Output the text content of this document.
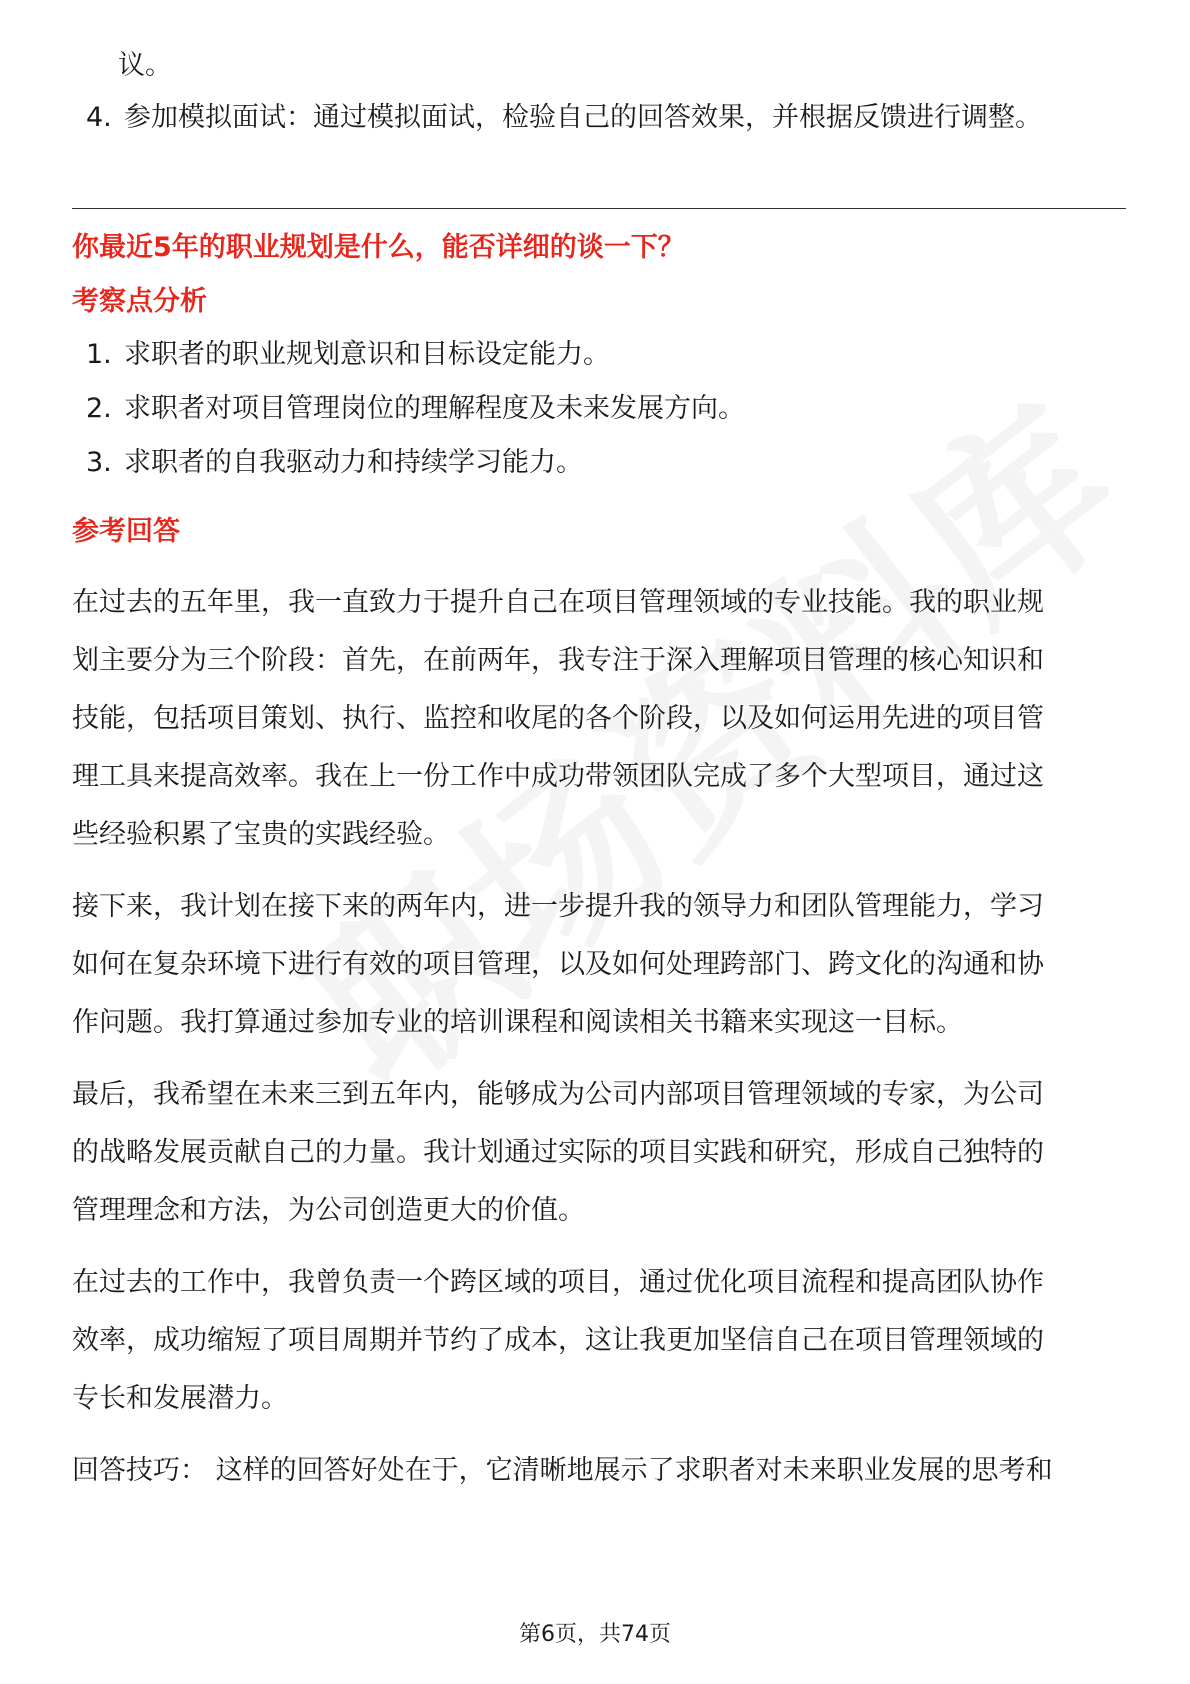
议。
4. 参加模拟面试：通过模拟面试，检验自己的回答效果，并根据反馈进行调整。
你最近5年的职业规划是什么，能否详细的谈一下？
考察点分析
1. 求职者的职业规划意识和目标设定能力。
2. 求职者对项目管理岗位的理解程度及未来发展方向。
3. 求职者的自我驱动力和持续学习能力。
参考回答

在过去的五年里，我一直致力于提升自己在项目管理领域的专业技能。我的职业规

划主要分为三个阶段：首先，在前两年，我专注于深入理解项目管理的核心知识和

技能，包括项目策划、执行、监控和收尾的各个阶段，以及如何运用先进的项目管

理工具来提高效率。我在上一份工作中成功带领团队完成了多个大型项目，通过这

些经验积累了宝贵的实践经验。

接下来，我计划在接下来的两年内，进一步提升我的领导力和团队管理能力，学习

如何在复杂环境下进行有效的项目管理，以及如何处理跨部门、跨文化的沟通和协

作问题。我打算通过参加专业的培训课程和阅读相关书籍来实现这一目标。

最后，我希望在未来三到五年内，能够成为公司内部项目管理领域的专家，为公司

的战略发展贡献自己的力量。我计划通过实际的项目实践和研究，形成自己独特的

管理理念和方法，为公司创造更大的价值。

在过去的工作中，我曾负责一个跨区域的项目，通过优化项目流程和提高团队协作

效率，成功缩短了项目周期并节约了成本，这让我更加坚信自己在项目管理领域的

专长和发展潜力。

回答技巧： 这样的回答好处在于，它清晰地展示了求职者对未来职业发展的思考和

第6页，共74页
